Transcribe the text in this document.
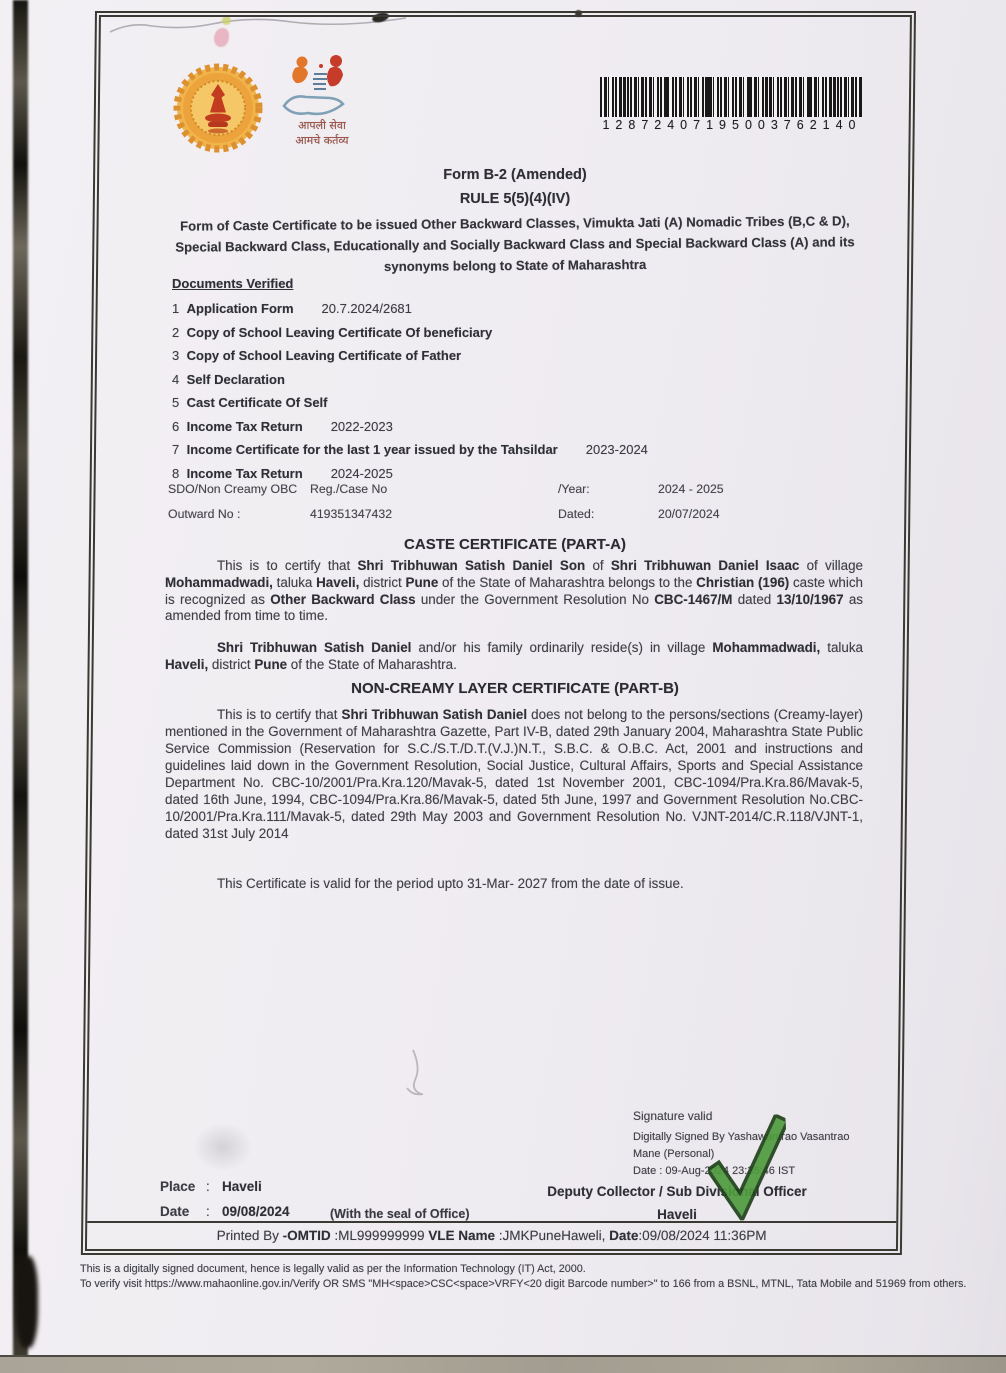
Printed By -OMTID :ML999999999 VLE Name :JMKPuneHaweli, Date:09/08/2024 11:36PM
आपली सेवा
आमचे कर्तव्य
12872407195003762140
Form B-2 (Amended)
RULE 5(5)(4)(IV)
Form of Caste Certificate to be issued Other Backward Classes, Vimukta Jati (A) Nomadic Tribes (B,C & D), Special Backward Class, Educationally and Socially Backward Class and Special Backward Class (A) and its synonyms belong to State of Maharashtra
Documents Verified
1 Application Form 20.7.2024/2681
2 Copy of School Leaving Certificate Of beneficiary
3 Copy of School Leaving Certificate of Father
4 Self Declaration
5 Cast Certificate Of Self
6 Income Tax Return 2022-2023
7 Income Certificate for the last 1 year issued by the Tahsildar 2023-2024
8 Income Tax Return 2024-2025
SDO/Non Creamy OBC	Reg./Case No	/Year:	2024 - 2025
Outward No :	419351347432	Dated:	20/07/2024
CASTE CERTIFICATE (PART-A)
This is to certify that Shri Tribhuwan Satish Daniel Son of Shri Tribhuwan Daniel Isaac of village Mohammadwadi, taluka Haveli, district Pune of the State of Maharashtra belongs to the Christian (196) caste which is recognized as Other Backward Class under the Government Resolution No CBC-1467/M dated 13/10/1967 as amended from time to time.
Shri Tribhuwan Satish Daniel and/or his family ordinarily reside(s) in village Mohammadwadi, taluka Haveli, district Pune of the State of Maharashtra.
NON-CREAMY LAYER CERTIFICATE (PART-B)
This is to certify that Shri Tribhuwan Satish Daniel does not belong to the persons/sections (Creamy-layer) mentioned in the Government of Maharashtra Gazette, Part IV-B, dated 29th January 2004, Maharashtra State Public Service Commission (Reservation for S.C./S.T./D.T.(V.J.)N.T., S.B.C. & O.B.C. Act, 2001 and instructions and guidelines laid down in the Government Resolution, Social Justice, Cultural Affairs, Sports and Special Assistance Department No. CBC-10/2001/Pra.Kra.120/Mavak-5, dated 1st November 2001, CBC-1094/Pra.Kra.86/Mavak-5, dated 16th June, 1994, CBC-1094/Pra.Kra.86/Mavak-5, dated 5th June, 1997 and Government Resolution No.CBC- 10/2001/Pra.Kra.111/Mavak-5, dated 29th May 2003 and Government Resolution No. VJNT-2014/C.R.118/VJNT-1, dated 31st July 2014
This Certificate is valid for the period upto 31-Mar- 2027 from the date of issue.
Signature valid
Digitally Signed By Yashawantrao Vasantrao
Mane (Personal)
Date : 09-Aug-2024 23:35:46 IST
Deputy Collector / Sub Divisional Officer
Haveli
Place : Haveli
Date : 09/08/2024	(With the seal of Office)
This is a digitally signed document, hence is legally valid as per the Information Technology (IT) Act, 2000.
To verify visit https://www.mahaonline.gov.in/Verify OR SMS "MH<space>CSC<space>VRFY<20 digit Barcode number>" to 166 from a BSNL, MTNL, Tata Mobile and 51969 from others.
